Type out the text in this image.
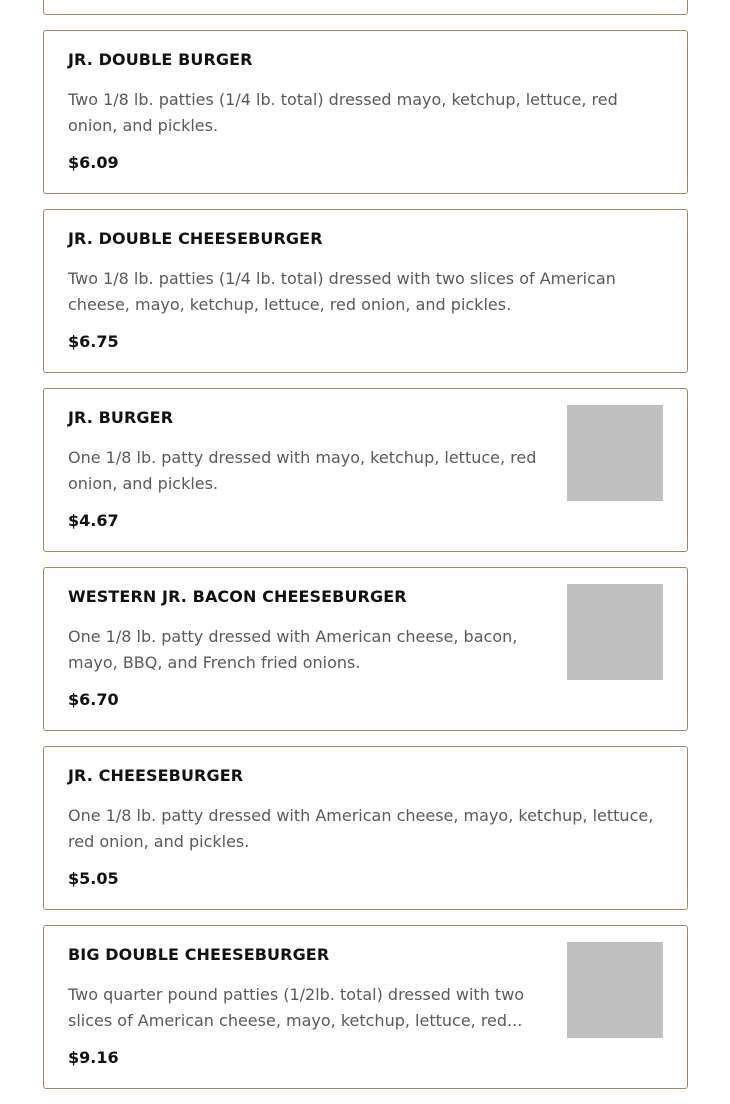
JR. DOUBLE BURGER
Two 1/8 lb. patties (1/4 lb. total) dressed mayo, ketchup, lettuce, red onion, and pickles.
$6.09
JR. DOUBLE CHEESEBURGER
Two 1/8 lb. patties (1/4 lb. total) dressed with two slices of American cheese, mayo, ketchup, lettuce, red onion, and pickles.
$6.75
JR. BURGER
One 1/8 lb. patty dressed with mayo, ketchup, lettuce, red onion, and pickles.
$4.67
WESTERN JR. BACON CHEESEBURGER
One 1/8 lb. patty dressed with American cheese, bacon, mayo, BBQ, and French fried onions.
$6.70
JR. CHEESEBURGER
One 1/8 lb. patty dressed with American cheese, mayo, ketchup, lettuce, red onion, and pickles.
$5.05
BIG DOUBLE CHEESEBURGER
Two quarter pound patties (1/2lb. total) dressed with two slices of American cheese, mayo, ketchup, lettuce, red...
$9.16
